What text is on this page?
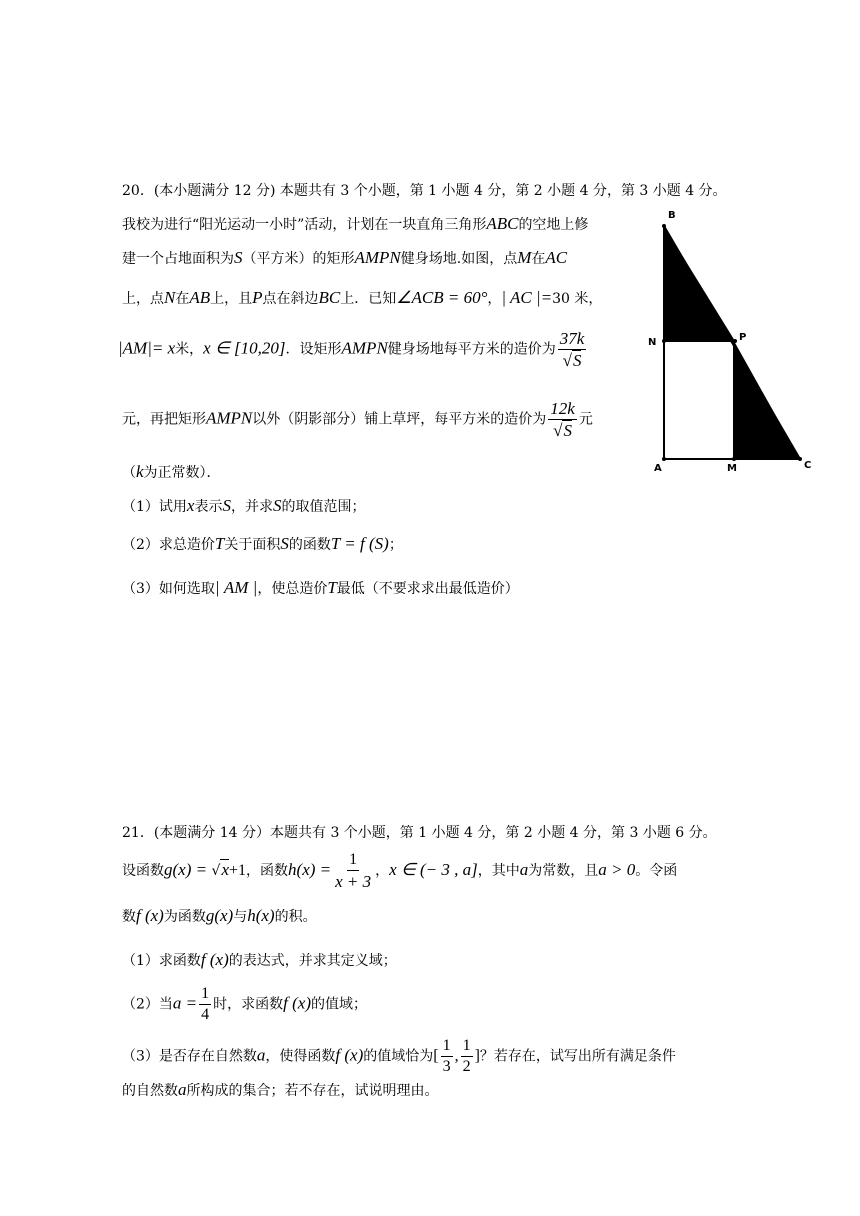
20．(本小题满分 12 分) 本题共有 3 个小题，第 1 小题 4 分，第 2 小题 4 分，第 3 小题 4 分。
我校为进行“阳光运动一小时”活动，计划在一块直角三角形ABC的空地上修
建一个占地面积为S（平方米）的矩形AMPN健身场地.如图，点M在AC
上，点N在AB上，且P点在斜边BC上．已知∠ACB = 60°，| AC |=30 米，
|AM|= x米，x ∈ [10,20]．设矩形AMPN健身场地每平方米的造价为 $\frac{37k}{√S}$
元，再把矩形AMPN以外（阴影部分）铺上草坪，每平方米的造价为 $\frac{12k}{√S}$ 元
（k为正常数）．
（1）试用x表示S，并求S的取值范围；
（2）求总造价T关于面积S的函数T = f (S)；
（3）如何选取| AM |，使总造价T最低（不要求求出最低造价）
B
N	P
A	M	C
21．(本题满分 14 分）本题共有 3 个小题，第 1 小题 4 分，第 2 小题 4 分，第 3 小题 6 分。
设函数g(x) = √x+1，函数$h(x) = \frac{1}{x + 3}$ ，x ∈ (− 3 , a]，其中a为常数，且a > 0。令函
数f (x)为函数g(x)与h(x)的积。
（1）求函数f (x)的表达式，并求其定义域；
（2）当$a = \frac{1}{4}$ 时，求函数f (x)的值域；
（3）是否存在自然数a，使得函数f (x)的值域恰为[ $\frac{1}{3}$ , $\frac{1}{2}$ ]？若存在，试写出所有满足条件
的自然数a所构成的集合；若不存在，试说明理由。
